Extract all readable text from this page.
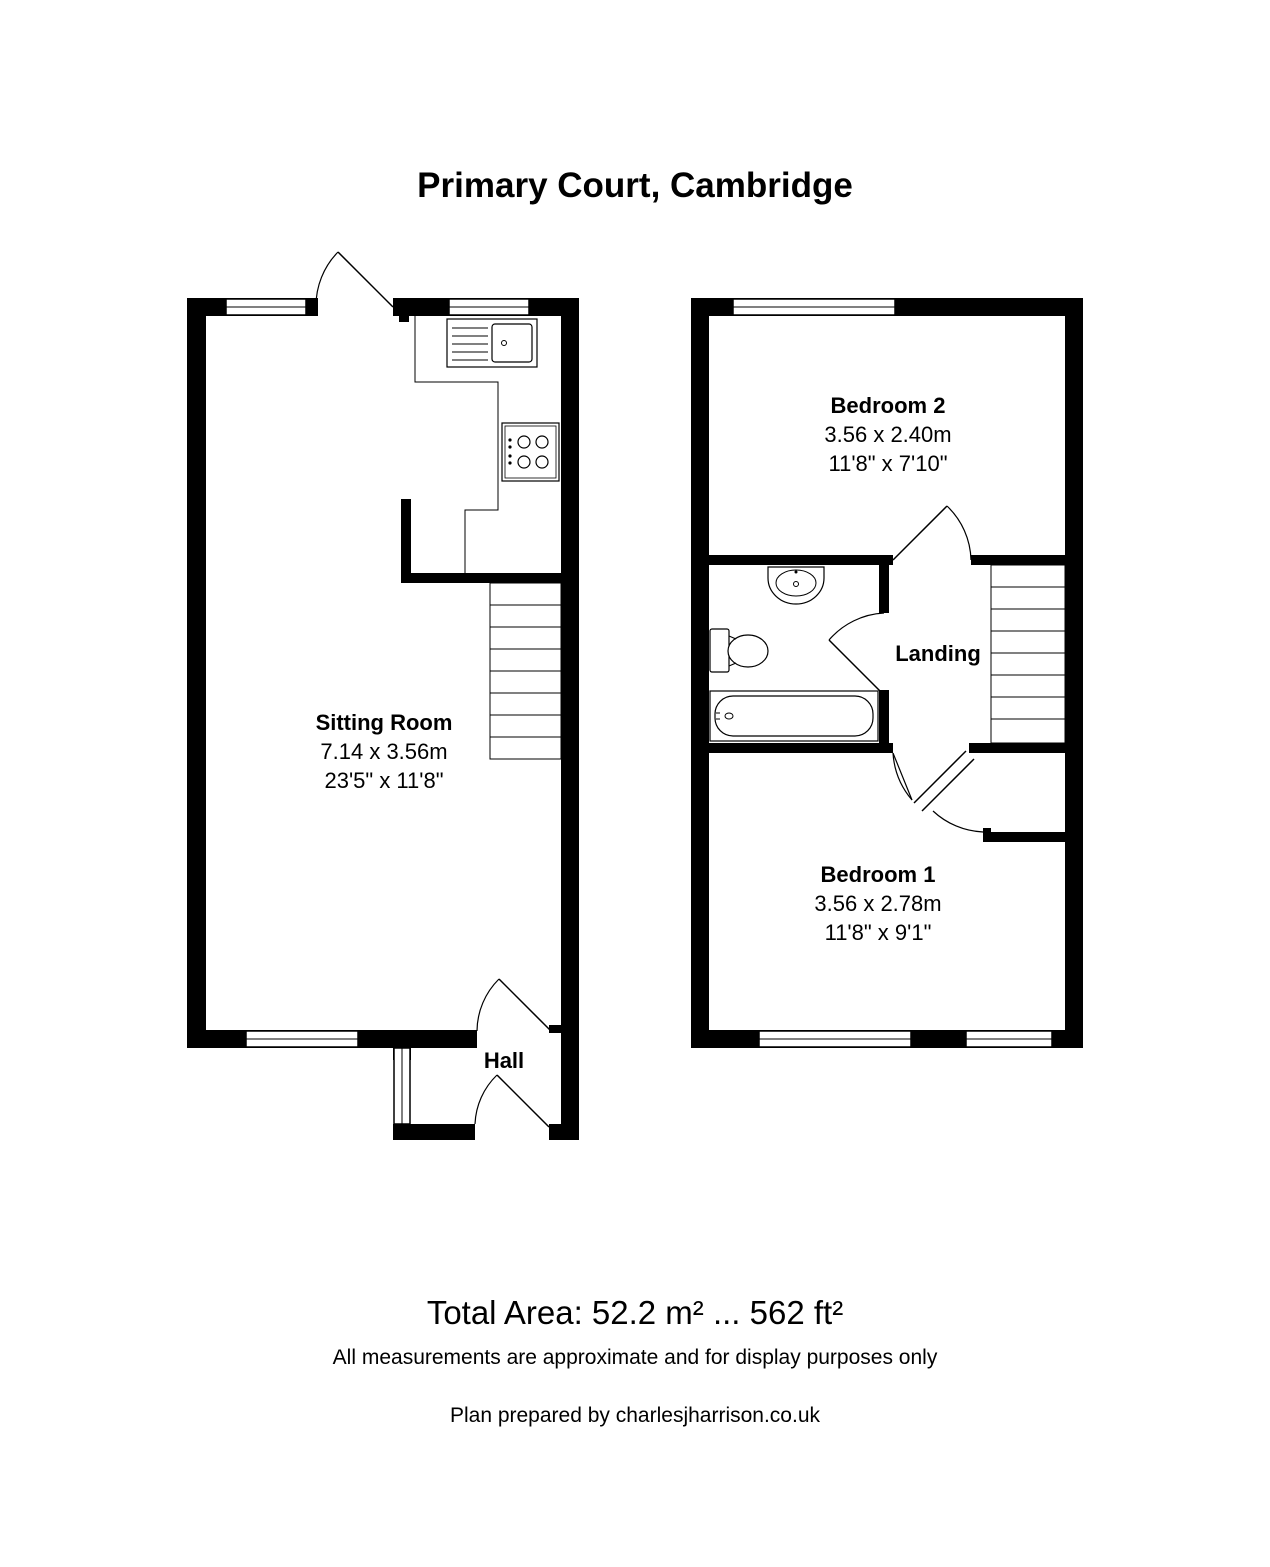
Primary Court, Cambridge
Sitting Room
7.14 x 3.56m
23'5" x 11'8"
Hall
Bedroom 2
3.56 x 2.40m
11'8" x 7'10"
Landing
Bedroom 1
3.56 x 2.78m
11'8" x 9'1"
Total Area: 52.2 m² ... 562 ft²
All measurements are approximate and for display purposes only
Plan prepared by charlesjharrison.co.uk
